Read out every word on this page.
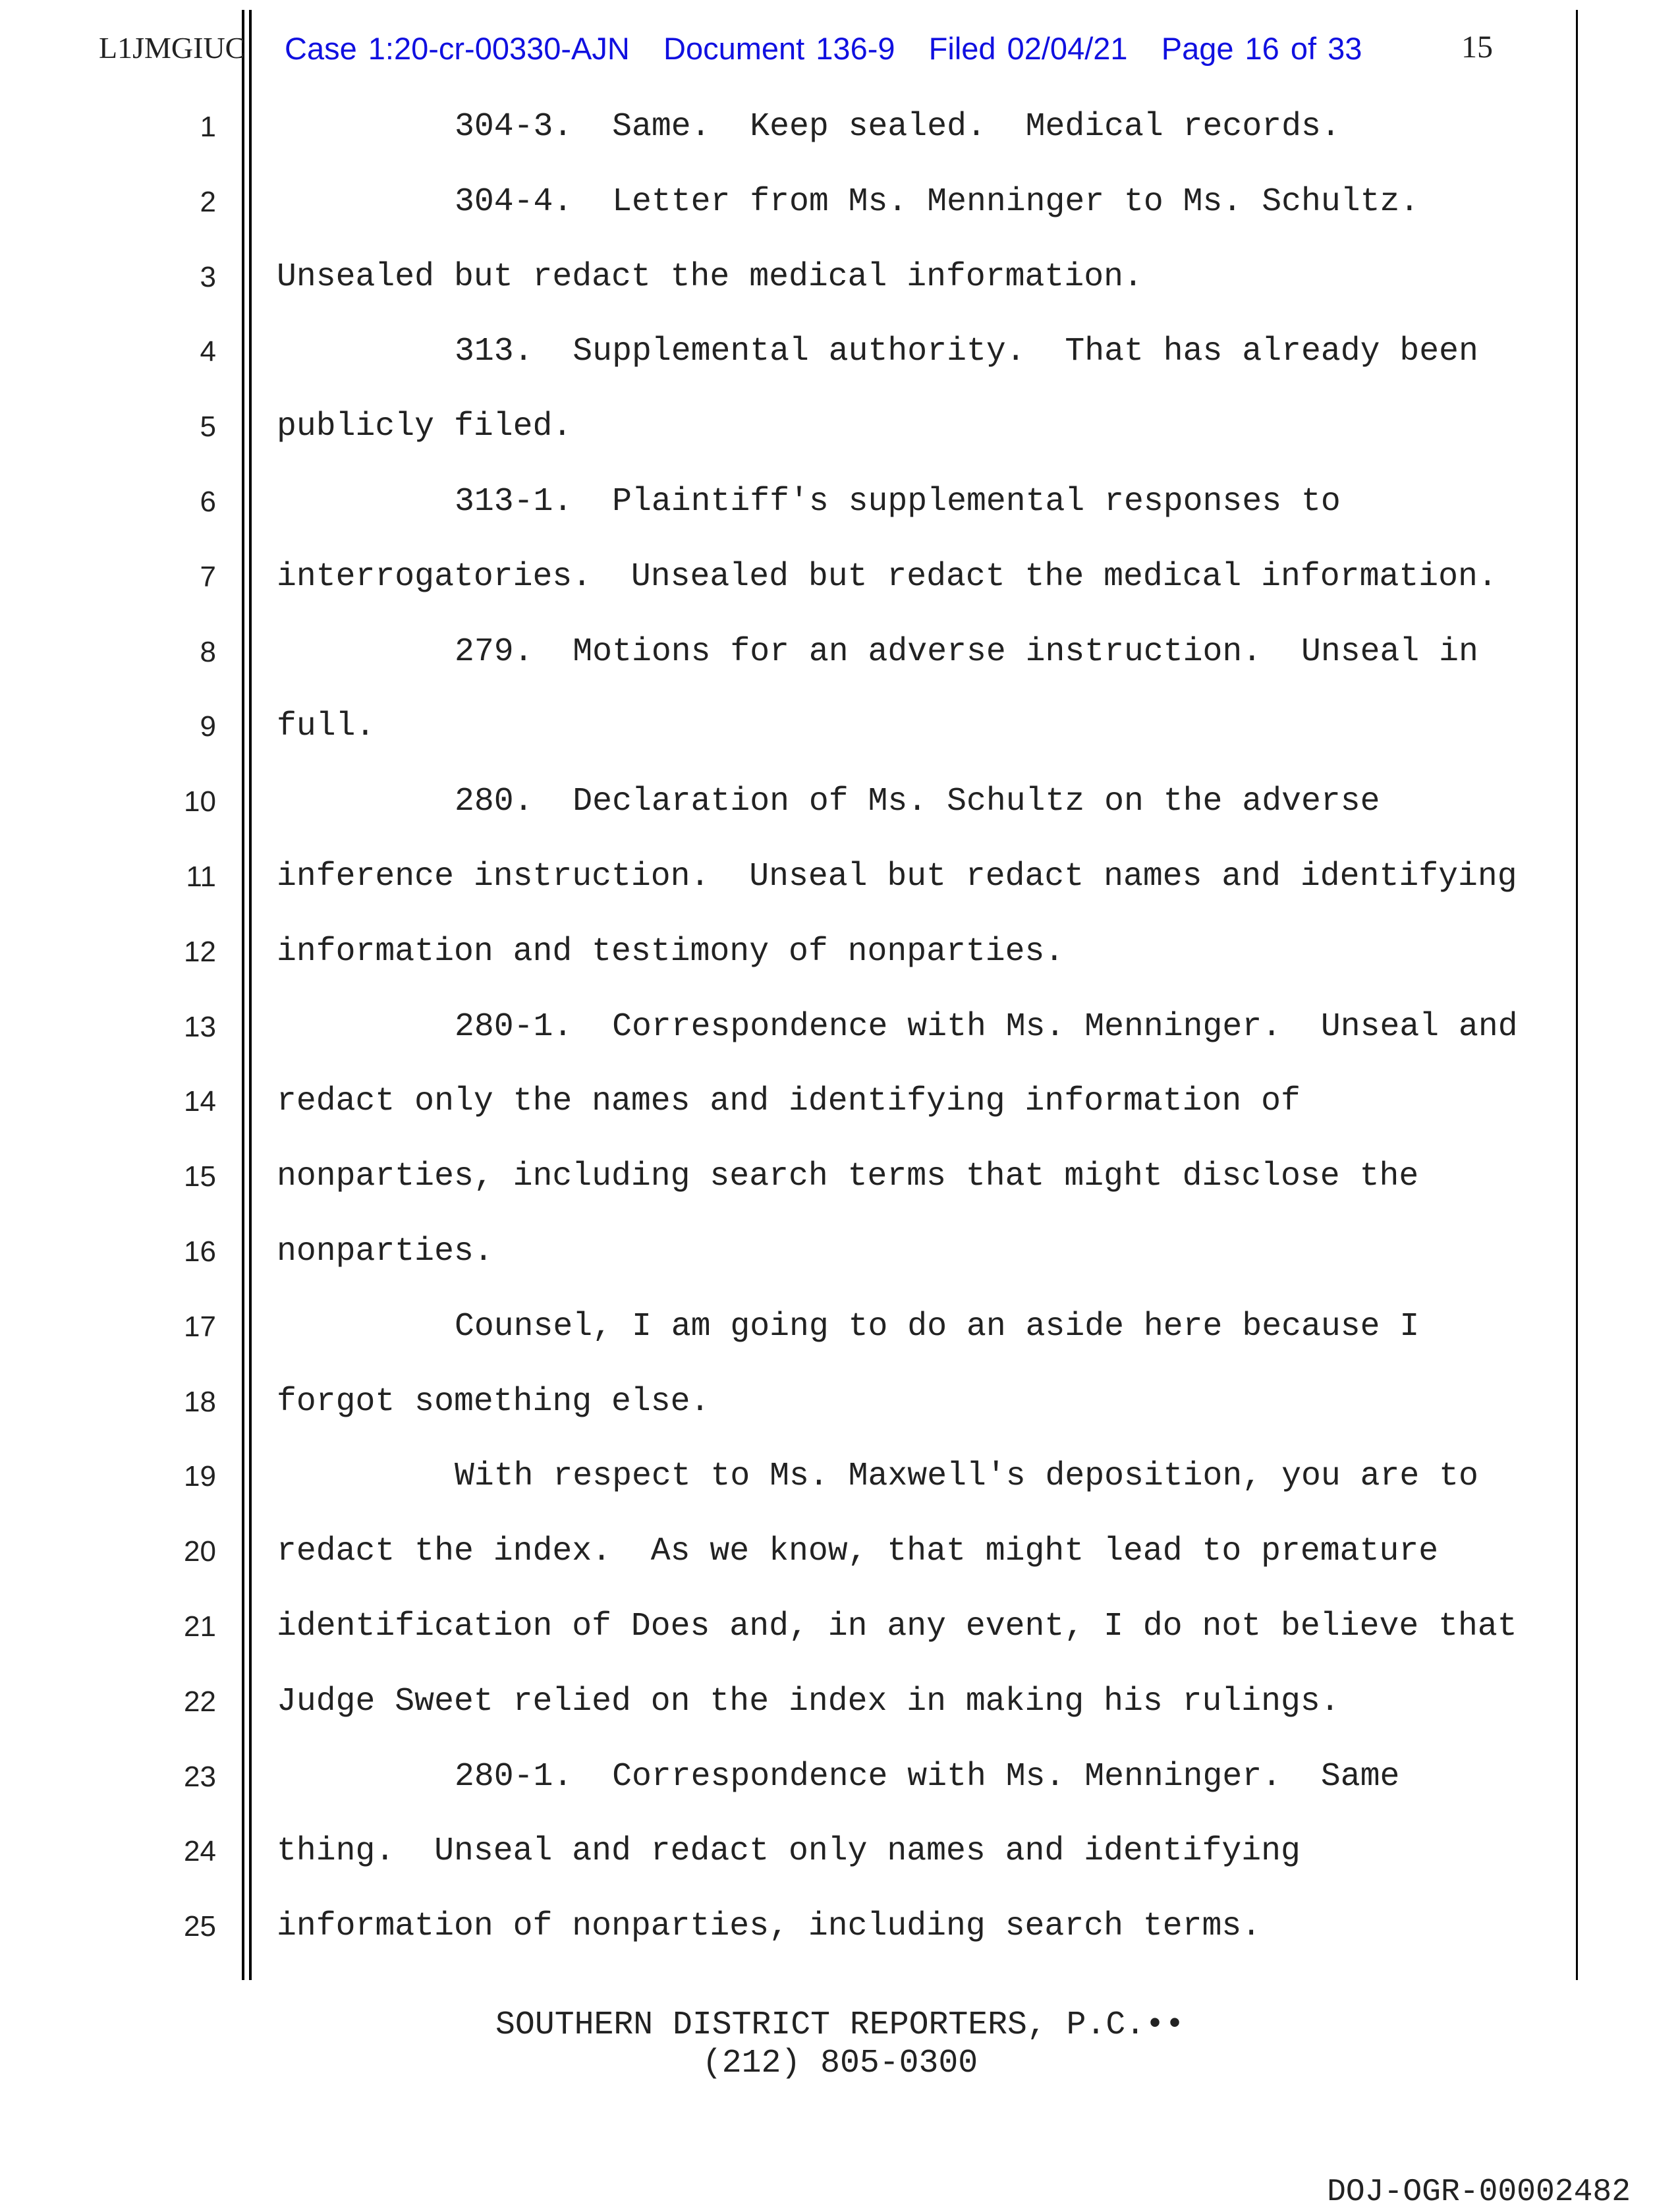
L1JMGIUC Case 1:20-cr-00330-AJN   Document 136-9   Filed 02/04/21   Page 16 of 33	15
1	304-3.  Same.  Keep sealed.  Medical records.
2	304-4.  Letter from Ms. Menninger to Ms. Schultz.
3 Unsealed but redact the medical information.
4	313.  Supplemental authority.  That has already been
5 publicly filed.
6	313-1.  Plaintiff's supplemental responses to
7 interrogatories.  Unsealed but redact the medical information.
8	279.  Motions for an adverse instruction.  Unseal in
9 full.
10	280.  Declaration of Ms. Schultz on the adverse
11 inference instruction.  Unseal but redact names and identifying
12 information and testimony of nonparties.
13	280-1.  Correspondence with Ms. Menninger.  Unseal and
14 redact only the names and identifying information of
15 nonparties, including search terms that might disclose the
16 nonparties.
17	Counsel, I am going to do an aside here because I
18 forgot something else.
19	With respect to Ms. Maxwell's deposition, you are to
20 redact the index.  As we know, that might lead to premature
21 identification of Does and, in any event, I do not believe that
22 Judge Sweet relied on the index in making his rulings.
23	280-1.  Correspondence with Ms. Menninger.  Same
24 thing.  Unseal and redact only names and identifying
25 information of nonparties, including search terms.
SOUTHERN DISTRICT REPORTERS, P.C.••
(212) 805-0300
DOJ-OGR-00002482
